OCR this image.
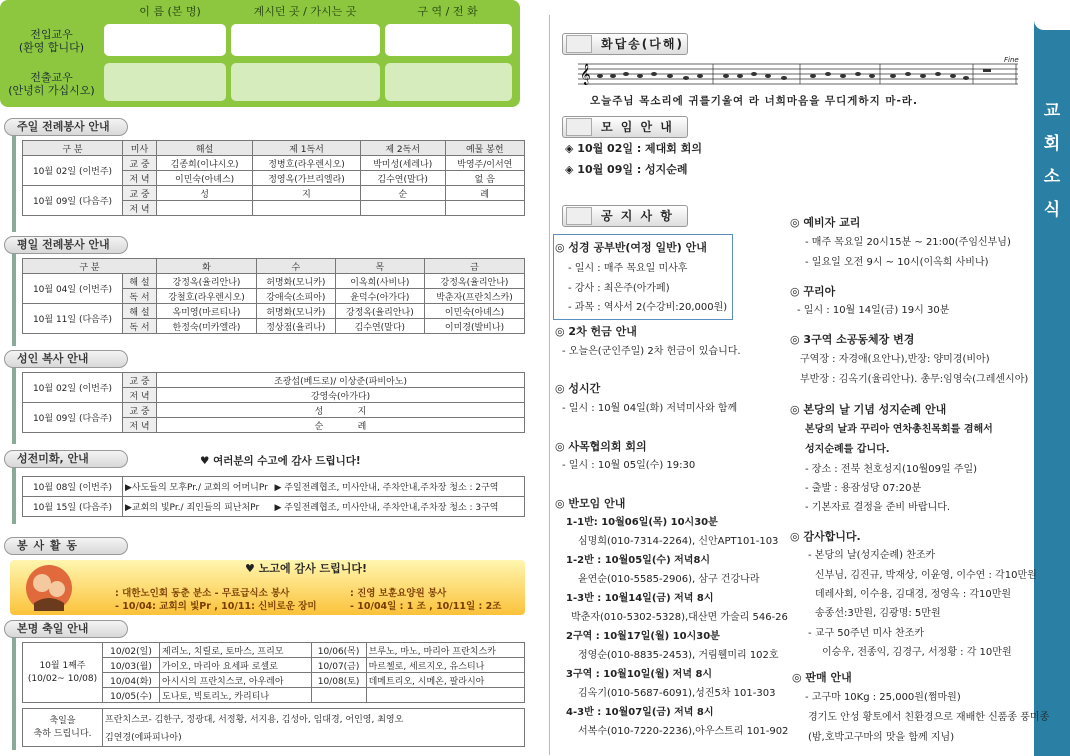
이 름 (본 명)	계시던 곳 / 가시는 곳	구 역 / 전 화
전입교우
(환영 합니다)
전출교우
(안녕히 가십시오)
주일 전례봉사 안내
구 분	미사	해설	제 1독서	제 2독서	예물 봉헌
10월 02일 (이번주)	교 중	김종희(이냐시오)	정병호(라우렌시오)	박미성(세레나)	박영주/이서연
	저 녁	이민숙(아녜스)	정영옥(가브리엘라)	김수연(말다)	없 음
10월 09일 (다음주)	교 중	성	지	순	례
	저 녁				
평일 전례봉사 안내
구 분		화	수	목	금
10월 04일 (이번주)	해 설	강정옥(율리안나)	허명화(모니카)	이옥희(사비나)	강정옥(율리안나)
	독 서	강철호(라우렌시오)	강애숙(소피아)	윤덕수(아가다)	박춘자(프란치스카)
10월 11일 (다음주)	해 설	옥미영(마르티나)	허명화(모니카)	강정옥(율리안나)	이민숙(아녜스)
	독 서	한정숙(미카엘라)	정상점(율리나)	김수연(말다)	이미경(발비나)
성인 복사 안내
10월 02일 (이번주)	교 중	조광섭(베드로)/ 이상준(파비아노)
	저 녁	강영숙(아가다)
10월 09일 (다음주)	교 중	성            지
	저 녁	순            례
성전미화, 안내	♥ 여러분의 수고에 감사 드립니다!
10월 08일 (이번주)	▶사도들의 모후Pr./ 교회의 어머니Pr	▶ 주일전례협조, 미사안내, 주차안내,주차장 청소 : 2구역
10월 15일 (다음주)	▶교회의 빛Pr./ 죄인들의 피난처Pr	▶ 주일전례협조, 미사안내, 주차안내,주차장 청소 : 3구역
봉 사 활 동
♥ 노고에 감사 드립니다!
: 대한노인회 동춘 분소 - 무료급식소 봉사
- 10/04: 교회의 빛Pr , 10/11: 신비로운 장미
: 진영 보훈요양원 봉사
- 10/04일 : 1 조 , 10/11일 : 2조
본명 축일 안내
10월 1째주
(10/02~ 10/08)	10/02(일)	제리노, 치릴로, 토마스, 프리모	10/06(목)	브루노, 마노, 마리아 프란치스카
	10/03(월)	가이오, 마리아 요세파 로셀로	10/07(금)	마르첼로, 세르지오, 유스티나
	10/04(화)	아시시의 프란치스코, 아우레아	10/08(토)	데메트리오, 시메온, 팔라시아
	10/05(수)	도나토, 빅토리노, 카리티나		
축일을
축하 드립니다.	프란치스코- 김한구, 정광대, 서정황, 서지용, 김성아, 임대경, 어인영, 최영오
김연경(에파피나아)
교 회 소 식
화답송(다해)
𝄞
Fine
오늘주님 목소리에 귀를기울여 라 너희마음을 무디게하지 마-라.
모 임 안 내
◈ 10월 02일 : 제대회 회의
◈ 10월 09일 : 성지순례
공 지 사 항
◎ 성경 공부반(여정 일반) 안내
- 일시 : 매주 목요일 미사후
- 강사 : 최은주(아가페)
- 과목 : 역사서 2(수강비:20,000원)
◎ 2차 헌금 안내
- 오늘은(군인주일) 2차 헌금이 있습니다.
◎ 성시간
- 일시 : 10월 04일(화) 저녁미사와 함께
◎ 사목협의회 회의
- 일시 : 10월 05일(수) 19:30
◎ 반모임 안내
1-1반: 10월06일(목) 10시30분
심명희(010-7314-2264), 신안APT101-103
1-2반 : 10월05일(수) 저녁8시
윤연순(010-5585-2906), 삼구 건강나라
1-3반 : 10월14일(금) 저녁 8시
박춘자(010-5302-5328),대산면 가술리 546-26
2구역 : 10월17일(월) 10시30분
정영순(010-8835-2453), 거림웰미리 102호
3구역 : 10월10일(월) 저녁 8시
김옥기(010-5687-6091),성진5차 101-303
4-3반 : 10월07일(금) 저녁 8시
서복수(010-7220-2236),아우스트리 101-902
◎ 예비자 교리
- 매주 목요일 20시15분 ~ 21:00(주임신부님)
- 일요일 오전 9시 ~ 10시(이옥희 사비나)
◎ 꾸리아
- 일시 : 10월 14일(금) 19시 30분
◎ 3구역 소공동체장 변경
구역장 : 자경애(요안나),반장: 양미경(비아)
부반장 : 김옥기(율리안나). 총무:임영숙(그레센시아)
◎ 본당의 날 기념 성지순례 안내
본당의 날과 꾸리아 연차총친목회를 겸해서
성지순례를 갑니다.
- 장소 : 전북 천호성지(10월09일 주일)
- 출발 : 용잠성당 07:20분
- 기본자료 결정을 준비 바랍니다.
◎ 감사합니다.
- 본당의 날(성지순례) 찬조카
신부님, 김진규, 박재상, 이윤영, 이수연 : 각10만원
데레사회, 이수용, 김대경, 정영옥 : 각10만원
송종선:3만원, 김광명: 5만원
- 교구 50주년 미사 찬조카
이승우, 전종익, 김경구, 서정황 : 각 10만원
◎ 판매 안내
- 고구마 10Kg : 25,000원(쩜마원)
경기도 안성 황토에서 친환경으로 재배한 신품종 풍미종
(밤,호박고구마의 맛을 함께 지님)
